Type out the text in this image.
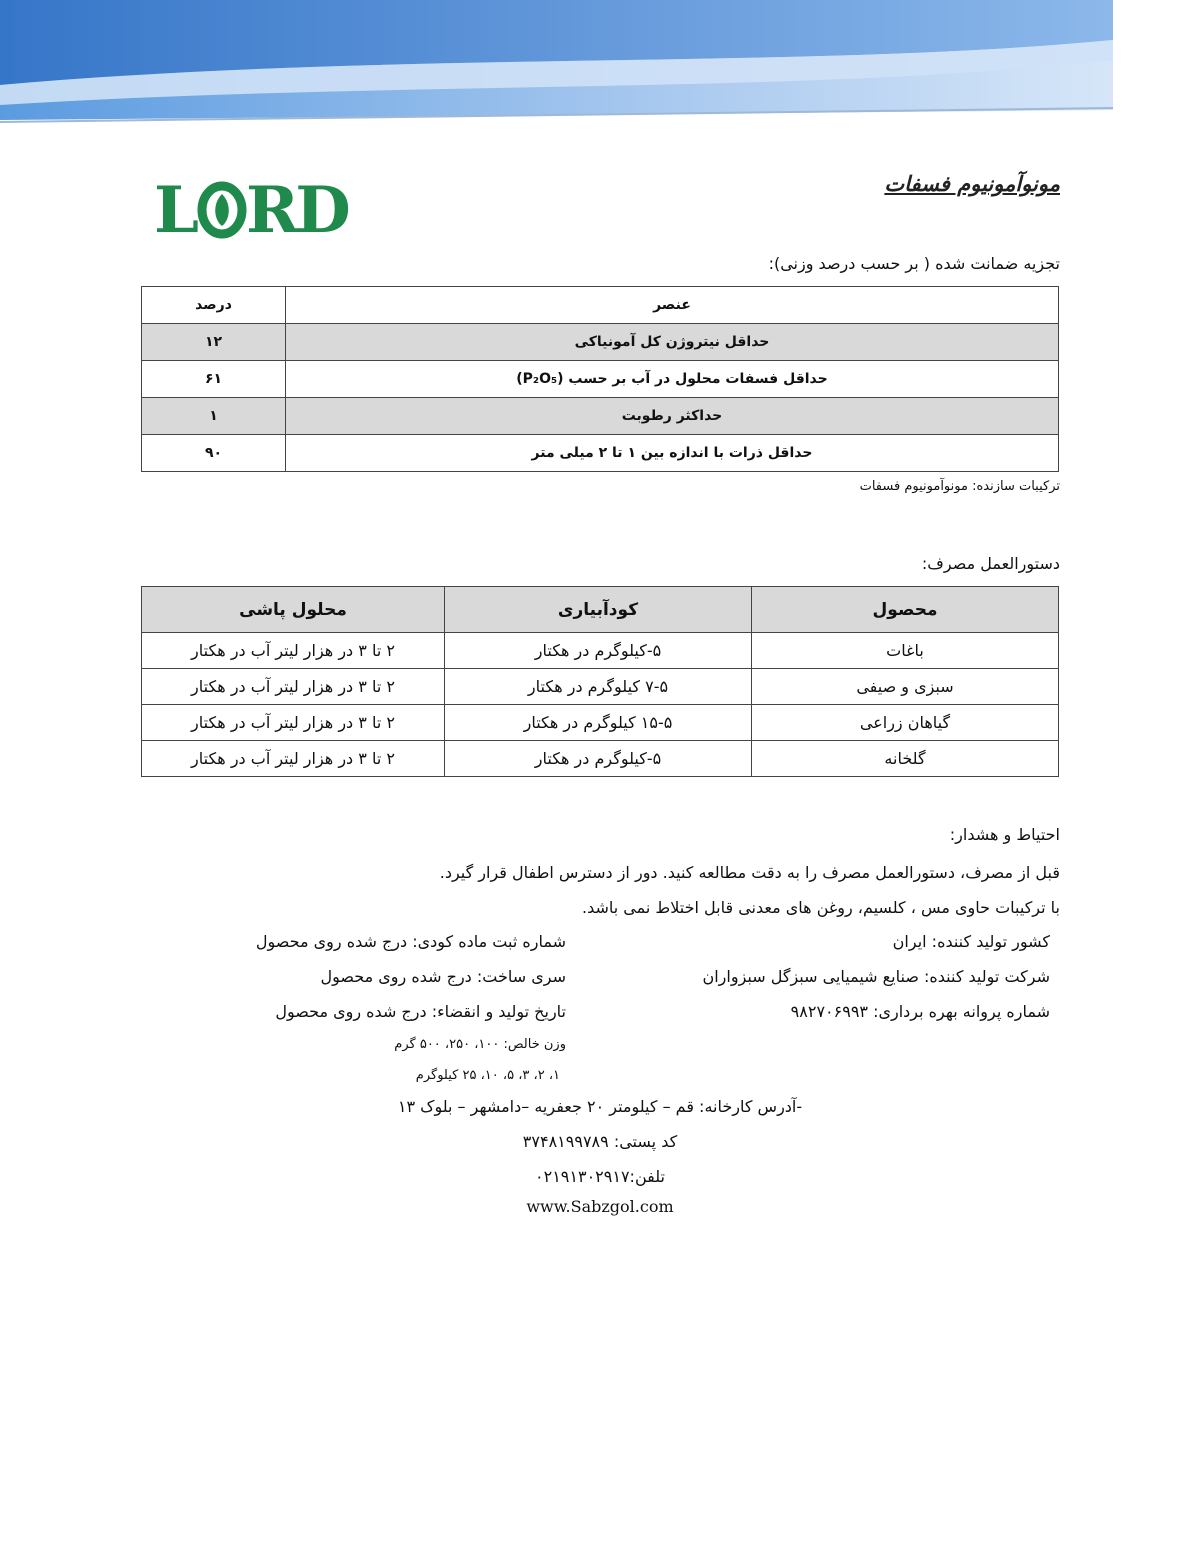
L RD	مونوآمونیوم فسفات
تجزیه ضمانت شده ( بر حسب درصد وزنی):
عنصر	درصد
حداقل نیتروژن کل آمونیاکی	۱۲
حداقل فسفات محلول در آب بر حسب (P₂O₅)	۶۱
حداکثر رطوبت	۱
حداقل ذرات با اندازه بین ۱ تا ۲ میلی متر	۹۰
ترکیبات سازنده: مونوآمونیوم فسفات
دستورالعمل مصرف:
محصول	کودآبیاری	محلول پاشی
باغات	۵-کیلوگرم در هکتار	۲ تا ۳ در هزار لیتر آب در هکتار
سبزی و صیفی	۷-۵ کیلوگرم در هکتار	۲ تا ۳ در هزار لیتر آب در هکتار
گیاهان زراعی	۱۵-۵ کیلوگرم در هکتار	۲ تا ۳ در هزار لیتر آب در هکتار
گلخانه	۵-کیلوگرم در هکتار	۲ تا ۳ در هزار لیتر آب در هکتار
احتیاط و هشدار:
قبل از مصرف، دستورالعمل مصرف را به دقت مطالعه کنید. دور از دسترس اطفال قرار گیرد.
با ترکیبات حاوی مس ، کلسیم، روغن های معدنی قابل اختلاط نمی باشد.
کشور تولید کننده: ایران
شرکت تولید کننده: صنایع شیمیایی سبزگل سبزواران
شماره پروانه بهره برداری: ۹۸۲۷۰۶۹۹۳
شماره ثبت ماده کودی: درج شده روی محصول
سری ساخت: درج شده روی محصول
تاریخ تولید و انقضاء: درج شده روی محصول
وزن خالص: ۱۰۰، ۲۵۰، ۵۰۰ گرم
۱، ۲، ۳، ۵، ۱۰، ۲۵ کیلوگرم
-آدرس کارخانه: قم – کیلومتر ۲۰ جعفریه –دامشهر – بلوک ۱۳
کد پستی: ۳۷۴۸۱۹۹۷۸۹
تلفن:۰۲۱۹۱۳۰۲۹۱۷
www.Sabzgol.com
